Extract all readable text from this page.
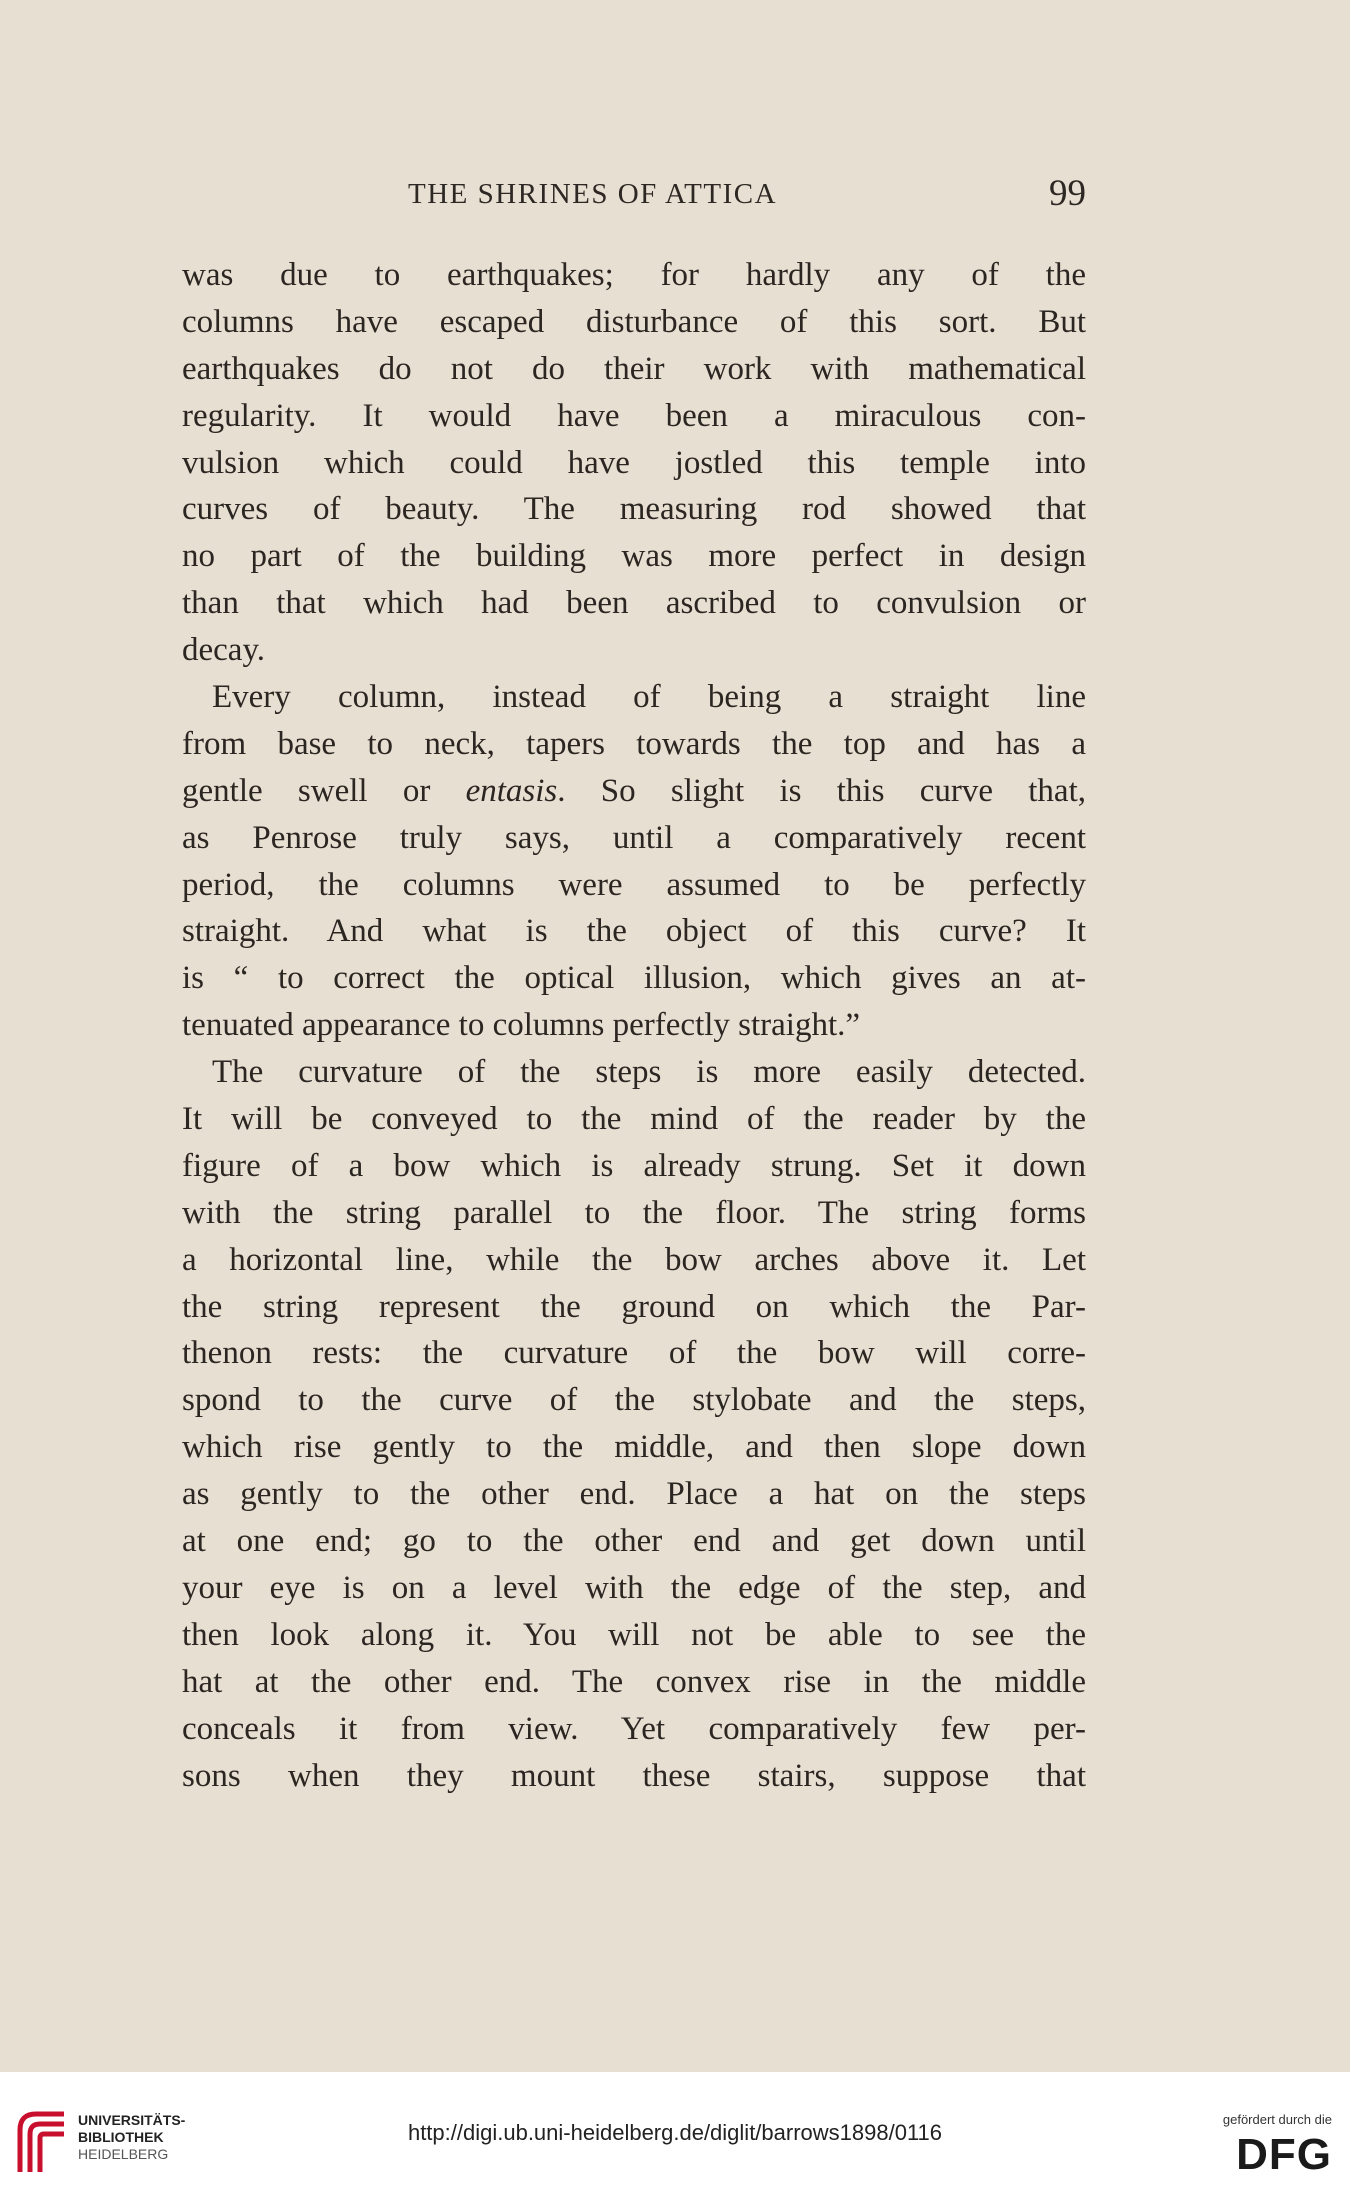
THE SHRINES OF ATTICA	99
was due to earthquakes; for hardly any of the
columns have escaped disturbance of this sort. But
earthquakes do not do their work with mathematical
regularity. It would have been a miraculous con-
vulsion which could have jostled this temple into
curves of beauty. The measuring rod showed that
no part of the building was more perfect in design
than that which had been ascribed to convulsion or
decay.
Every column, instead of being a straight line
from base to neck, tapers towards the top and has a
gentle swell or entasis. So slight is this curve that,
as Penrose truly says, until a comparatively recent
period, the columns were assumed to be perfectly
straight. And what is the object of this curve? It
is “ to correct the optical illusion, which gives an at-
tenuated appearance to columns perfectly straight.”
The curvature of the steps is more easily detected.
It will be conveyed to the mind of the reader by the
figure of a bow which is already strung. Set it down
with the string parallel to the floor. The string forms
a horizontal line, while the bow arches above it. Let
the string represent the ground on which the Par-
thenon rests: the curvature of the bow will corre-
spond to the curve of the stylobate and the steps,
which rise gently to the middle, and then slope down
as gently to the other end. Place a hat on the steps
at one end; go to the other end and get down until
your eye is on a level with the edge of the step, and
then look along it. You will not be able to see the
hat at the other end. The convex rise in the middle
conceals it from view. Yet comparatively few per-
sons when they mount these stairs, suppose that
UNIVERSITÄTS-
BIBLIOTHEK
HEIDELBERG
http://digi.ub.uni-heidelberg.de/diglit/barrows1898/0116
gefördert durch die
DFG
